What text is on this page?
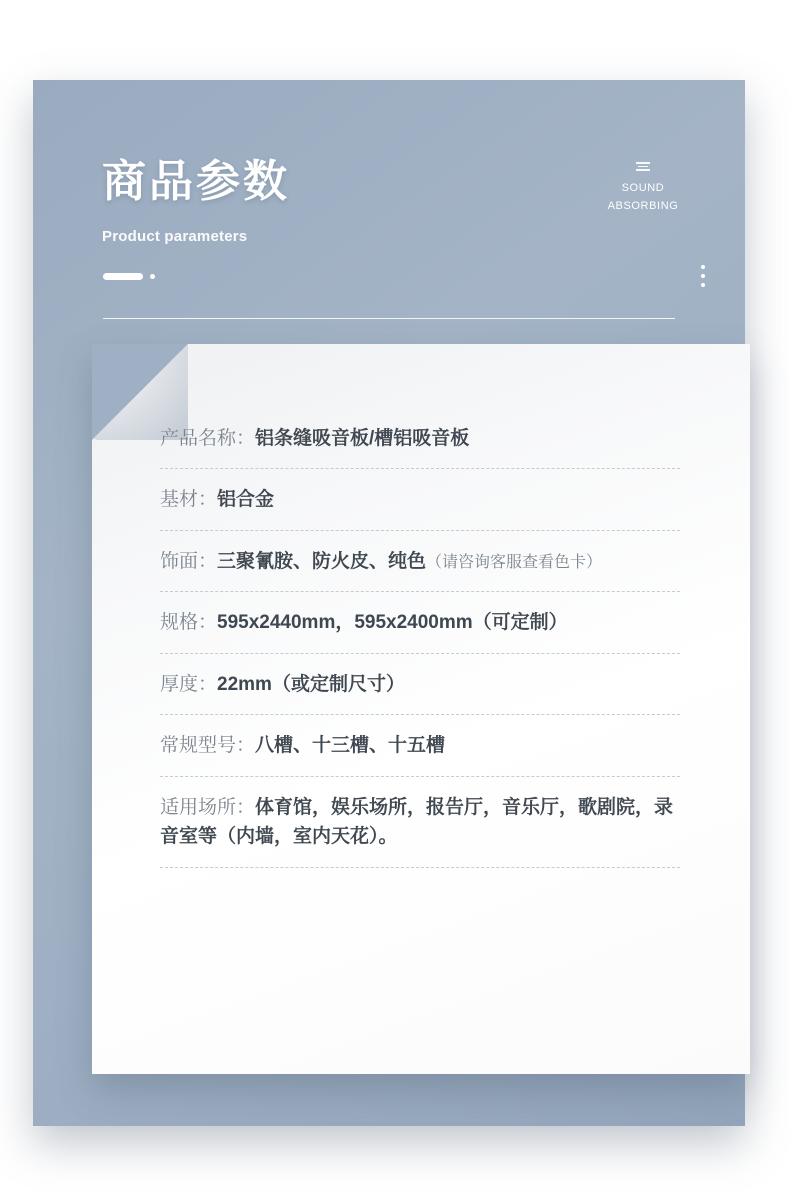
商品参数
Product parameters
SOUND
ABSORBING
产品名称：铝条缝吸音板/槽铝吸音板
基材：铝合金
饰面：三聚氰胺、防火皮、纯色（请咨询客服查看色卡）
规格：595x2440mm，595x2400mm（可定制）
厚度：22mm（或定制尺寸）
常规型号：八槽、十三槽、十五槽
适用场所：体育馆，娱乐场所，报告厅，音乐厅，歌剧院，录音室等（内墙，室内天花）。
